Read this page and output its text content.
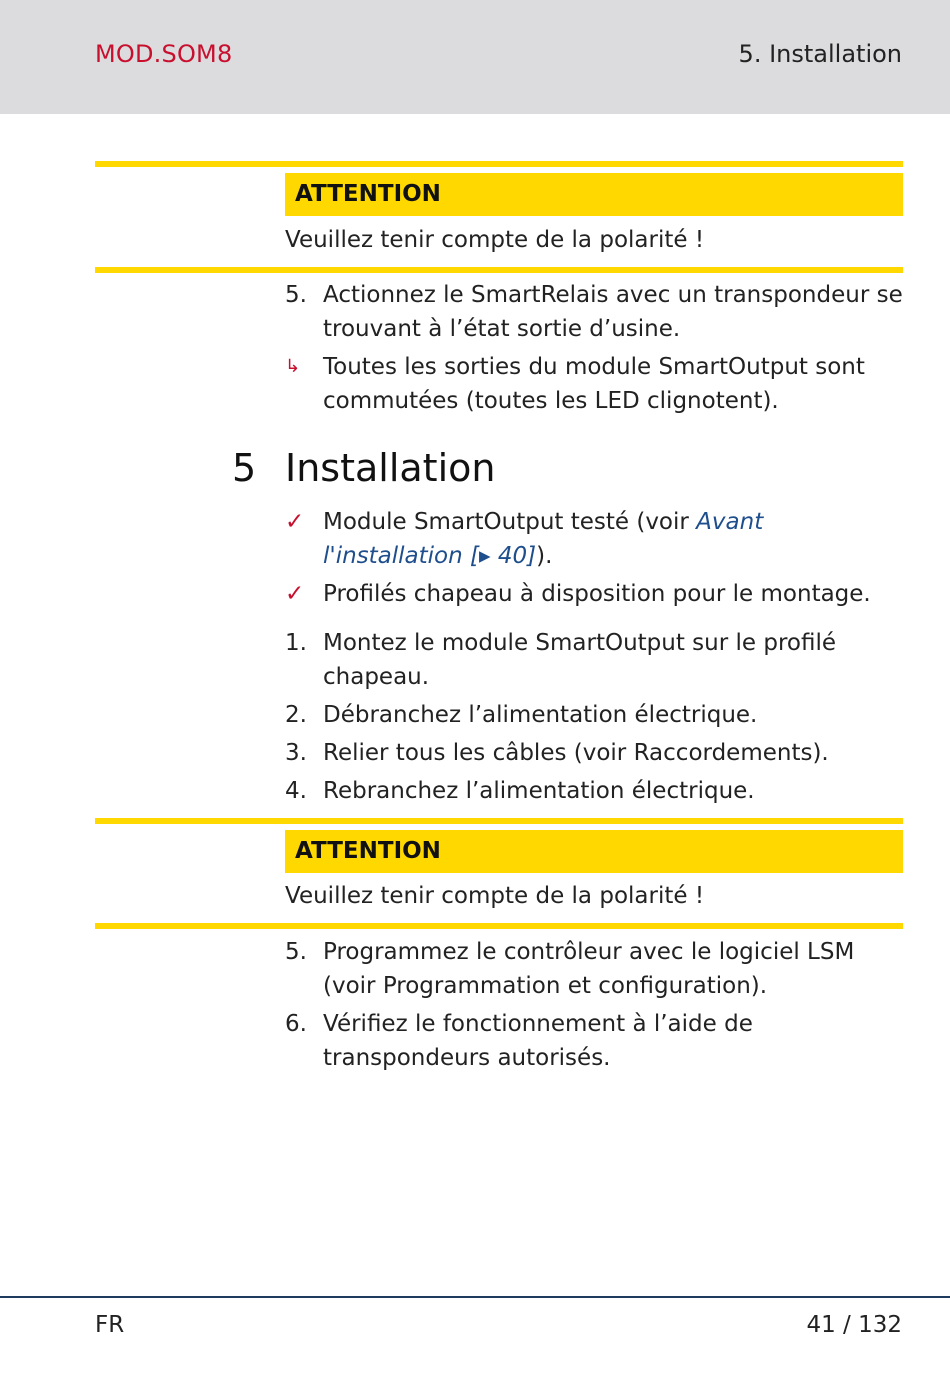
MOD.SOM8	5. Installation
ATTENTION
Veuillez tenir compte de la polarité !
5. Actionnez le SmartRelais avec un transpondeur se trouvant à l’état sortie d’usine.
↳ Toutes les sorties du module SmartOutput sont commutées (toutes les LED clignotent).
5 Installation
✓ Module SmartOutput testé (voir Avant l'installation [▸ 40]).
✓ Profilés chapeau à disposition pour le montage.
1. Montez le module SmartOutput sur le profilé chapeau.
2. Débranchez l’alimentation électrique.
3. Relier tous les câbles (voir Raccordements).
4. Rebranchez l’alimentation électrique.
ATTENTION
Veuillez tenir compte de la polarité !
5. Programmez le contrôleur avec le logiciel LSM (voir Programmation et configuration).
6. Vérifiez le fonctionnement à l’aide de transpondeurs autorisés.
FR	41 / 132
